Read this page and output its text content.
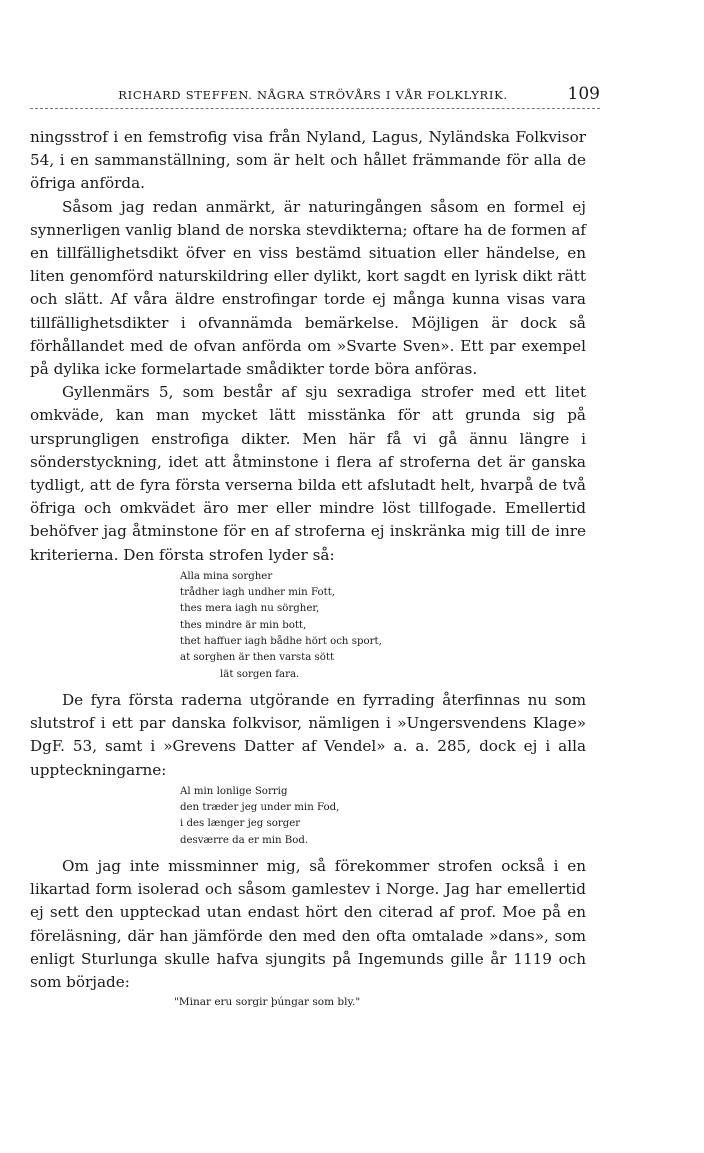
RICHARD STEFFEN. NÅGRA STRÖVÅRS I VÅR FOLKLYRIK.	109

ningsstrof i en femstrofig visa från Nyland, Lagus, Nyländska Folkvisor 54, i en sammanställning, som är helt och hållet främmande för alla de öfriga anförda.

Såsom jag redan anmärkt, är naturingången såsom en formel ej synnerligen vanlig bland de norska stevdikterna; oftare ha de formen af en tillfällighetsdikt öfver en viss bestämd situation eller händelse, en liten genomförd naturskildring eller dylikt, kort sagdt en lyrisk dikt rätt och slätt. Af våra äldre enstrofingar torde ej många kunna visas vara tillfällighetsdikter i ofvannämda bemärkelse. Möjligen är dock så förhållandet med de ofvan anförda om »Svarte Sven». Ett par exempel på dylika icke formelartade smådikter torde böra anföras.

Gyllenmärs 5, som består af sju sexradiga strofer med ett litet omkväde, kan man mycket lätt misstänka för att grunda sig på ursprungligen enstrofiga dikter. Men här få vi gå ännu längre i sönderstyckning, idet att åtminstone i flera af stroferna det är ganska tydligt, att de fyra första verserna bilda ett afslutadt helt, hvarpå de två öfriga och omkvädet äro mer eller mindre löst tillfogade. Emellertid behöfver jag åtminstone för en af stroferna ej inskränka mig till de inre kriterierna. Den första strofen lyder så:

Alla mina sorgher
trådher iagh undher min Fott,
thes mera iagh nu sörgher,
thes mindre är min bott,
thet haffuer iagh bådhe hört och sport,
at sorghen är then varsta sött
lät sorgen fara.

De fyra första raderna utgörande en fyrrading återfinnas nu som slutstrof i ett par danska folkvisor, nämligen i »Ungersvendens Klage» DgF. 53, samt i »Grevens Datter af Vendel» a. a. 285, dock ej i alla uppteckningarne:

Al min lonlige Sorrig
den træder jeg under min Fod,
i des længer jeg sorger
desværre da er min Bod.

Om jag inte missminner mig, så förekommer strofen också i en likartad form isolerad och såsom gamlestev i Norge. Jag har emellertid ej sett den uppteckad utan endast hört den citerad af prof. Moe på en föreläsning, där han jämförde den med den ofta omtalade »dans», som enligt Sturlunga skulle hafva sjungits på Ingemunds gille år 1119 och som började:

"Minar eru sorgir þúngar som bly."
